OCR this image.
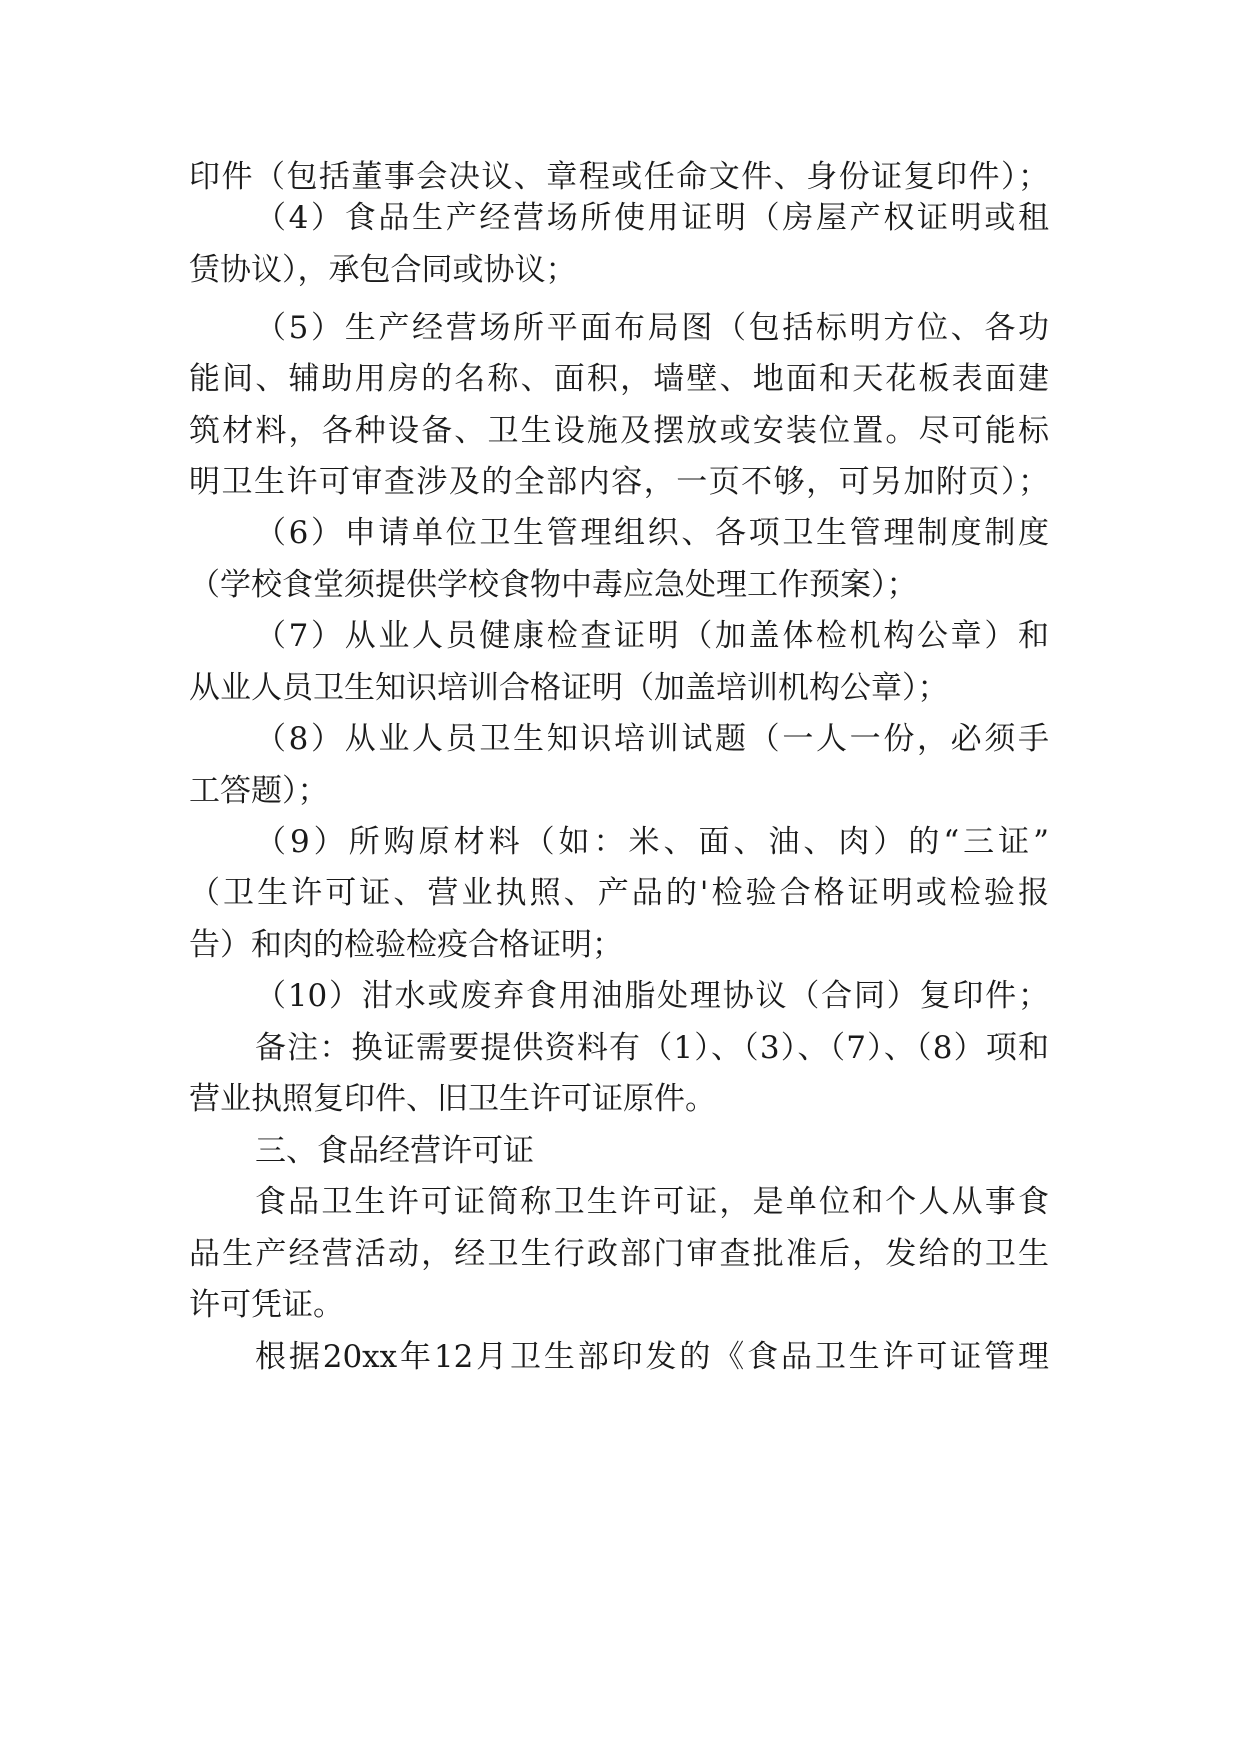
印件（包括董事会决议、章程或任命文件、身份证复印件）；

（4）食品生产经营场所使用证明（房屋产权证明或租

赁协议），承包合同或协议；

（5）生产经营场所平面布局图（包括标明方位、各功

能间、辅助用房的名称、面积，墙壁、地面和天花板表面建

筑材料，各种设备、卫生设施及摆放或安装位置。尽可能标

明卫生许可审查涉及的全部内容，一页不够，可另加附页）；

（6）申请单位卫生管理组织、各项卫生管理制度制度

（学校食堂须提供学校食物中毒应急处理工作预案）；

（7）从业人员健康检查证明（加盖体检机构公章）和

从业人员卫生知识培训合格证明（加盖培训机构公章）；

（8）从业人员卫生知识培训试题（一人一份，必须手

工答题）；

（9）所购原材料（如：米、面、油、肉）的“三证”

（卫生许可证、营业执照、产品的'检验合格证明或检验报

告）和肉的检验检疫合格证明；

（10）泔水或废弃食用油脂处理协议（合同）复印件；

备注：换证需要提供资料有（1）、（3）、（7）、（8）项和

营业执照复印件、旧卫生许可证原件。

三、食品经营许可证

食品卫生许可证简称卫生许可证，是单位和个人从事食

品生产经营活动，经卫生行政部门审查批准后，发给的卫生

许可凭证。

根据20xx年12月卫生部印发的《食品卫生许可证管理
